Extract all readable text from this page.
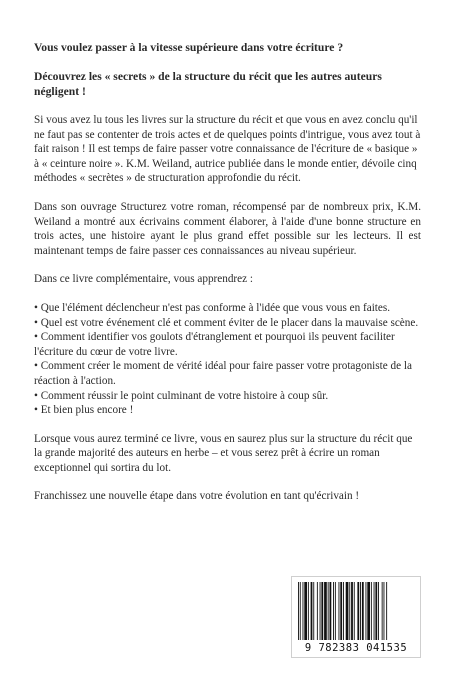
Vous voulez passer à la vitesse supérieure dans votre écriture ?

Découvrez les « secrets » de la structure du récit que les autres auteurs négligent !

Si vous avez lu tous les livres sur la structure du récit et que vous en avez conclu qu'il ne faut pas se contenter de trois actes et de quelques points d'intrigue, vous avez tout à fait raison ! Il est temps de faire passer votre connaissance de l'écriture de « basique » à « ceinture noire ». K.M. Weiland, autrice publiée dans le monde entier, dévoile cinq méthodes « secrètes » de structuration approfondie du récit.

Dans son ouvrage Structurez votre roman, récompensé par de nombreux prix, K.M. Weiland a montré aux écrivains comment élaborer, à l'aide d'une bonne structure en trois actes, une histoire ayant le plus grand effet possible sur les lecteurs. Il est maintenant temps de faire passer ces connaissances au niveau supérieur.

Dans ce livre complémentaire, vous apprendrez :

• Que l'élément déclencheur n'est pas conforme à l'idée que vous vous en faites.
• Quel est votre événement clé et comment éviter de le placer dans la mauvaise scène.
• Comment identifier vos goulots d'étranglement et pourquoi ils peuvent faciliter l'écriture du cœur de votre livre.
• Comment créer le moment de vérité idéal pour faire passer votre protagoniste de la réaction à l'action.
• Comment réussir le point culminant de votre histoire à coup sûr.
• Et bien plus encore !

Lorsque vous aurez terminé ce livre, vous en saurez plus sur la structure du récit que la grande majorité des auteurs en herbe – et vous serez prêt à écrire un roman exceptionnel qui sortira du lot.

Franchissez une nouvelle étape dans votre évolution en tant qu'écrivain !

9 782383 041535
